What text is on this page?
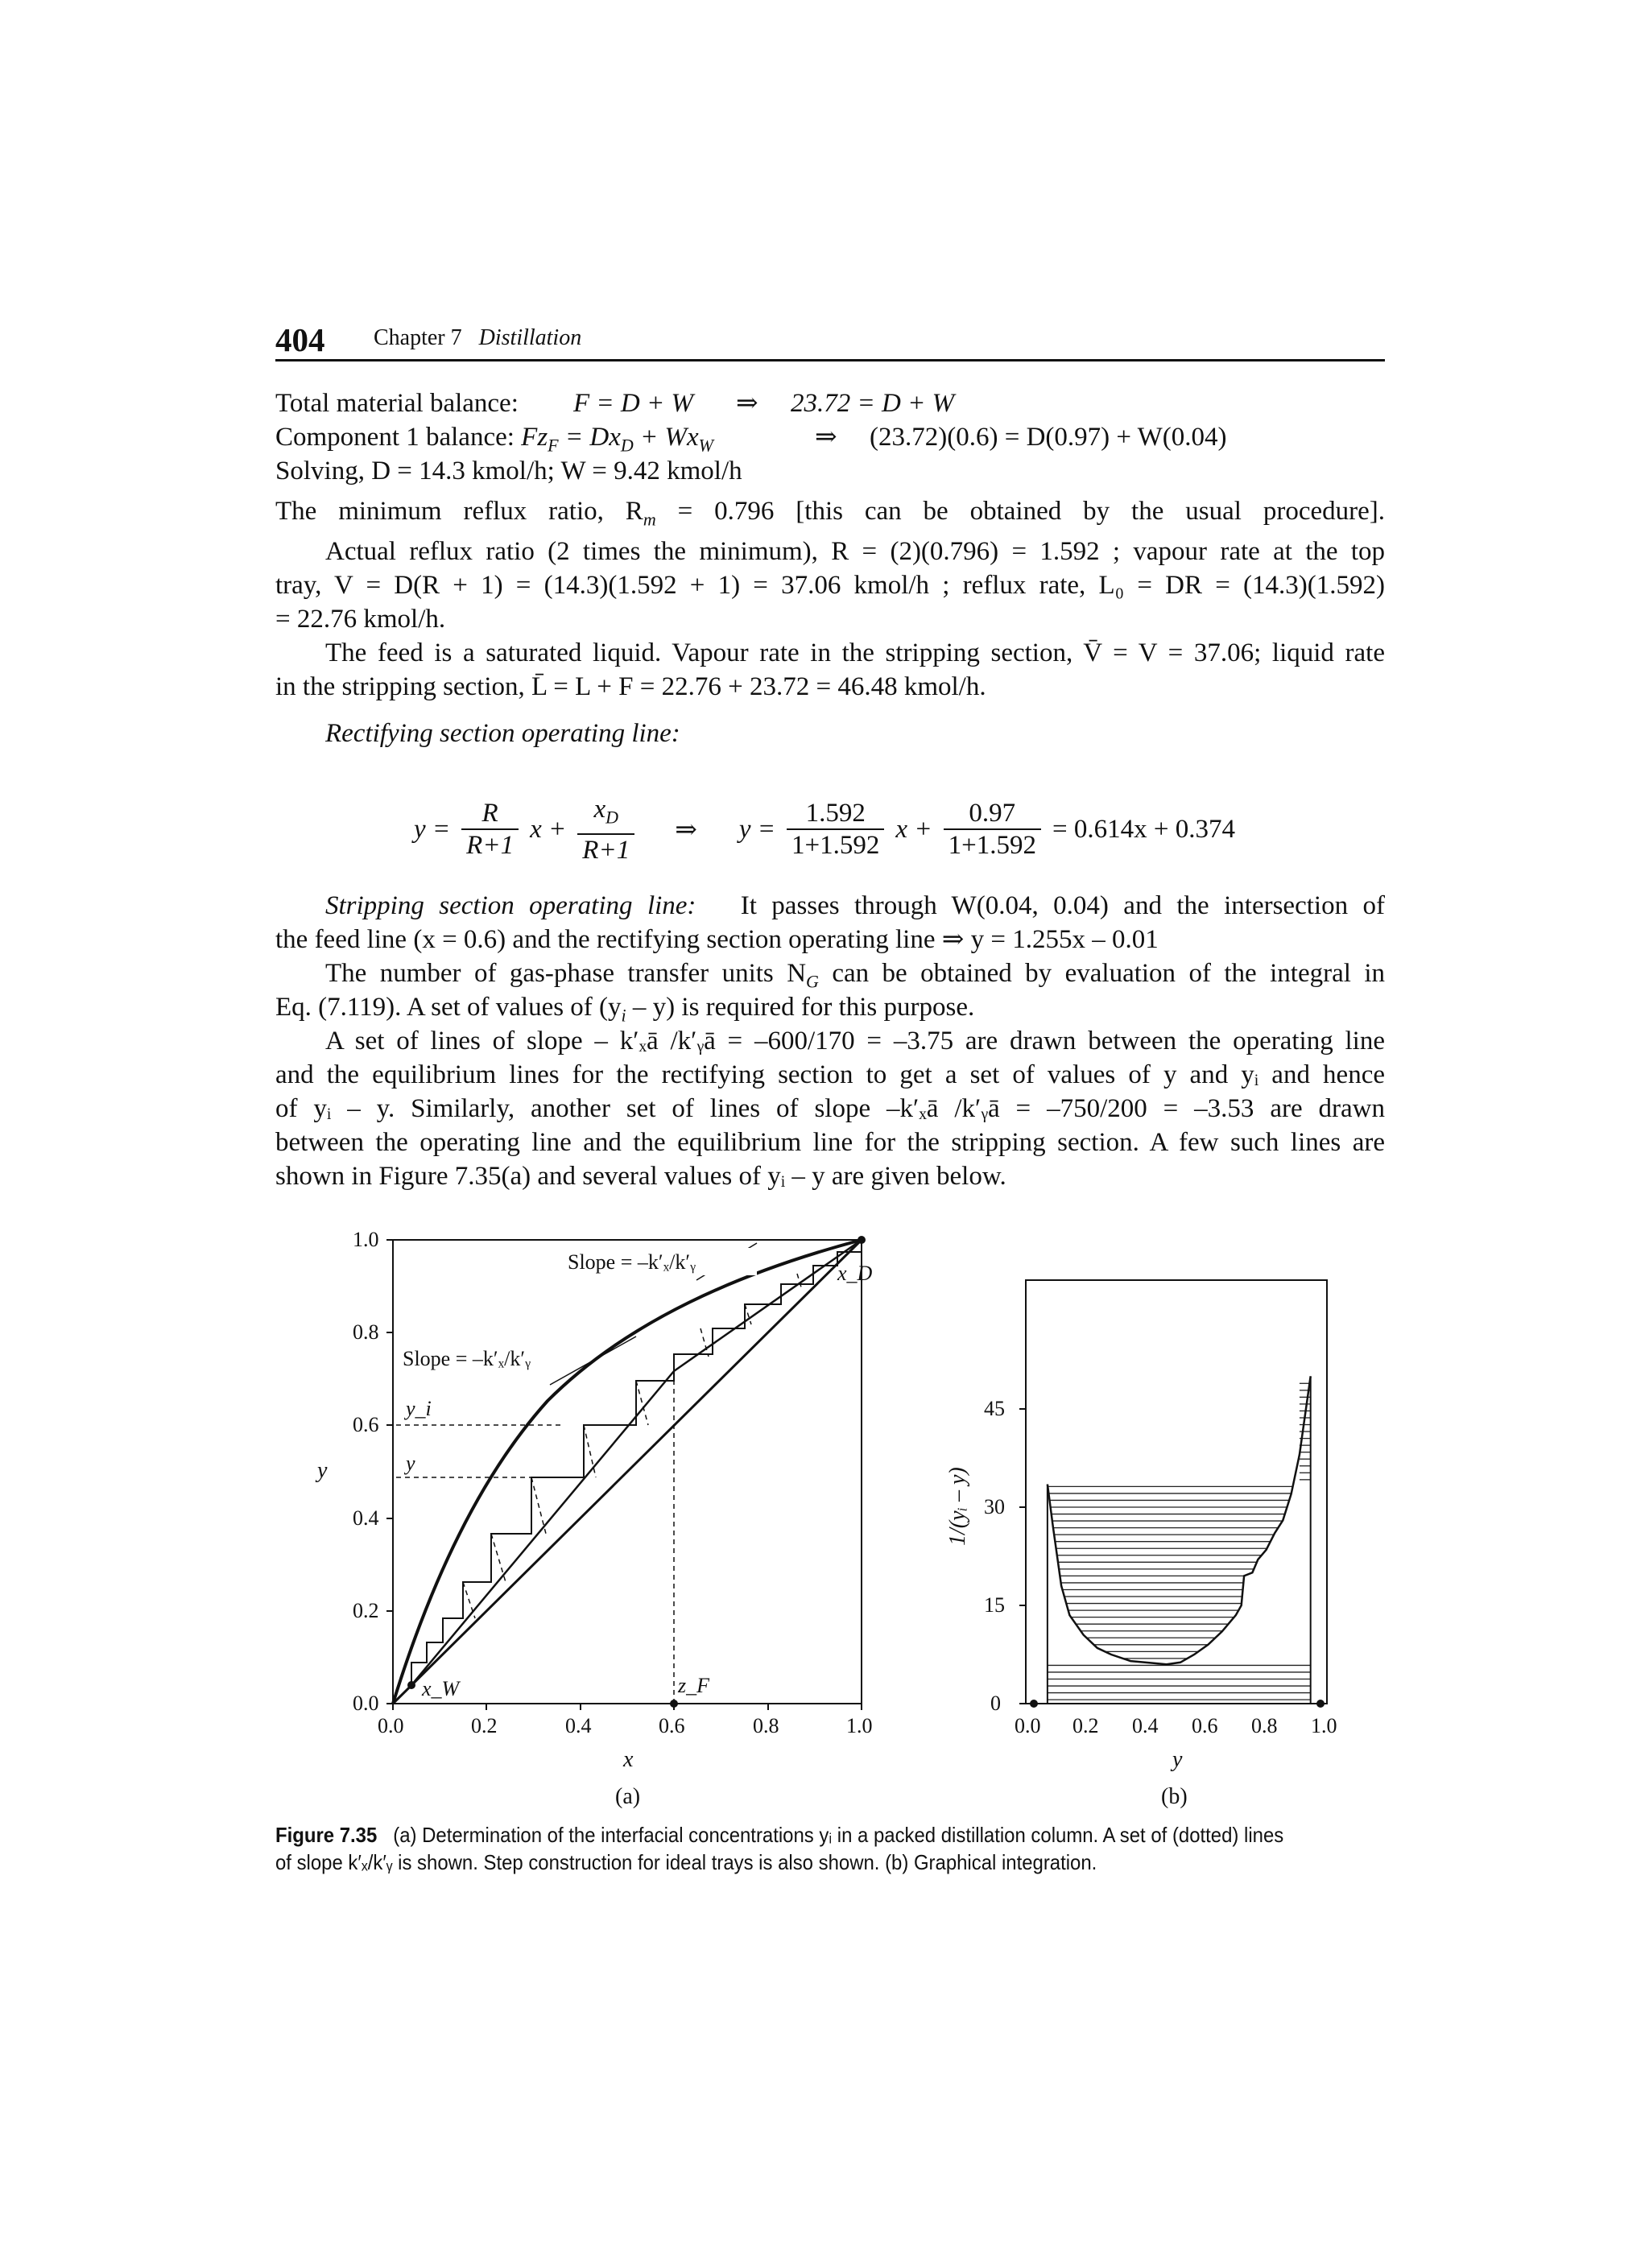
404 Chapter 7 Distillation
Total material balance: F = D + W ⇒ 23.72 = D + W
Component 1 balance: $Fz_F = Dx_D + Wx_W$	⇒ (23.72)(0.6) = D(0.97) + W(0.04)
Solving, D = 14.3 kmol/h; W = 9.42 kmol/h
The minimum reflux ratio, $R_m = 0.796$ [this can be obtained by the usual procedure].
Actual reflux ratio (2 times the minimum), R = (2)(0.796) = 1.592 ; vapour rate at the top
tray, V = D(R + 1) = (14.3)(1.592 + 1) = 37.06 kmol/h ; reflux rate, L₀ = DR = (14.3)(1.592)
= 22.76 kmol/h.
The feed is a saturated liquid. Vapour rate in the stripping section, V̄ = V = 37.06; liquid rate
in the stripping section, L̄ = L + F = 22.76 + 23.72 = 46.48 kmol/h.
Rectifying section operating line:
$y = \frac{R}{R+1}$ $x + \frac{x_D}{R+1}$ ⇒ $y = \frac{1.592}{1+1.592}$ $x + \frac{0.97}{1+1.592} = 0.614x + 0.374$
Stripping section operating line: It passes through W(0.04, 0.04) and the intersection of
the feed line (x = 0.6) and the rectifying section operating line ⇒ y = 1.255x – 0.01
The number of gas-phase transfer units $N_G$ can be obtained by evaluation of the integral in
Eq. (7.119). A set of values of $(y_i - y)$ is required for this purpose.
A set of lines of slope – k′ₓā /k′ᵧā = –600/170 = –3.75 are drawn between the operating line
and the equilibrium lines for the rectifying section to get a set of values of y and yᵢ and hence
of yᵢ – y. Similarly, another set of lines of slope –k′ₓā /k′ᵧā = –750/200 = –3.53 are drawn
between the operating line and the equilibrium line for the stripping section. A few such lines are
shown in Figure 7.35(a) and several values of yᵢ – y are given below.
0.0
0.2
0.4
0.6
0.8
1.0
0.0	0.2	0.4	0.6	0.8	1.0
x
y
(a)
Slope = –k′ₓ/k′ᵧ
Slope = –k′ₓ/k′ᵧ	x_D
x_W	z_F
y_i
y
0
15
30
45
0.0 0.2 0.4 0.6 0.8 1.0
y
1/(yᵢ – y)
(b)
Figure 7.35 (a) Determination of the interfacial concentrations yᵢ in a packed distillation column. A set of (dotted) lines of slope k′ₓ/k′ᵧ is shown. Step construction for ideal trays is also shown. (b) Graphical integration.
